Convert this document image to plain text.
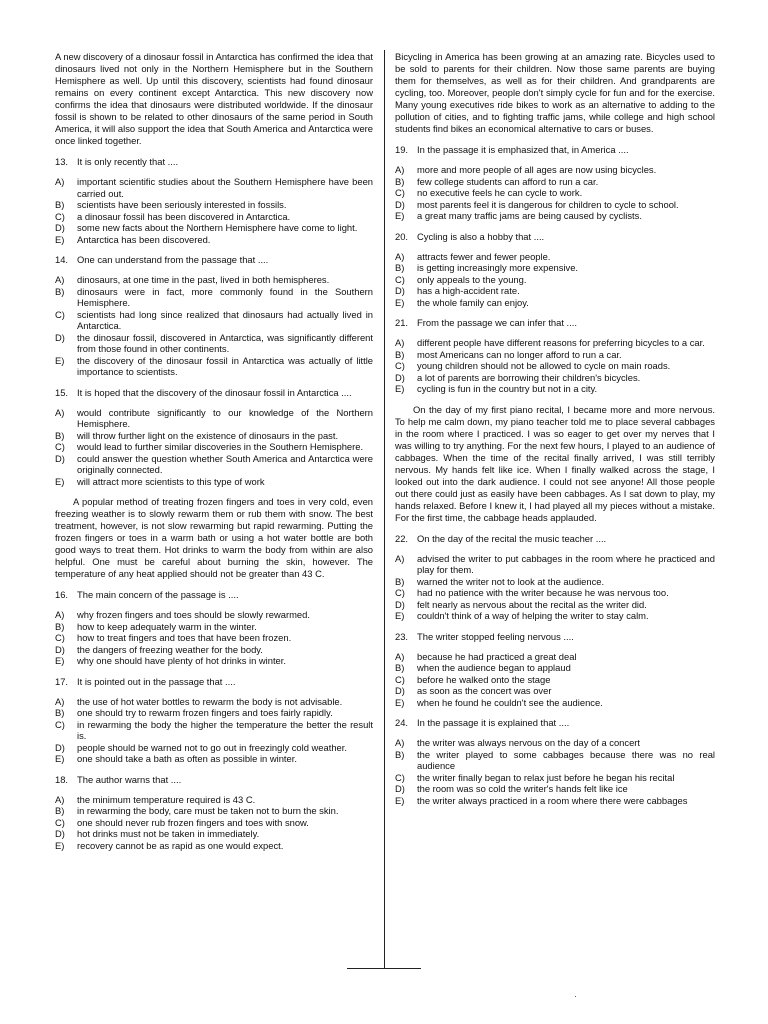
A new discovery of a dinosaur fossil in Antarctica has confirmed the idea that dinosaurs lived not only in the Northern Hemisphere but in the Southern Hemisphere as well. Up until this discovery, scientists had found dinosaur remains on every continent except Antarctica. This new discovery now confirms the idea that dinosaurs were distributed worldwide. If the dinosaur fossil is shown to be related to other dinosaurs of the same period in South America, it will also support the idea that South America and Antarctica were once linked together.

13. It is only recently that ....
A)	important scientific studies about the Southern Hemisphere have been carried out.
B)	scientists have been seriously interested in fossils.
C)	a dinosaur fossil has been discovered in Antarctica.
D)	some new facts about the Northern Hemisphere have come to light.
E)	Antarctica has been discovered.
14. One can understand from the passage that ....
A)	dinosaurs, at one time in the past, lived in both hemispheres.
B)	dinosaurs were in fact, more commonly found in the Southern Hemisphere.
C)	scientists had long since realized that dinosaurs had actually lived in Antarctica.
D)	the dinosaur fossil, discovered in Antarctica, was significantly different from those found in other continents.
E)	the discovery of the dinosaur fossil in Antarctica was actually of little importance to scientists.
15. It is hoped that the discovery of the dinosaur fossil in Antarctica ....
A)	would contribute significantly to our knowledge of the Northern Hemisphere.
B)	will throw further light on the existence of dinosaurs in the past.
C)	would lead to further similar discoveries in the Southern Hemisphere.
D)	could answer the question whether South America and Antarctica were originally connected.
E)	will attract more scientists to this type of work

A popular method of treating frozen fingers and toes in very cold, even freezing weather is to slowly rewarm them or rub them with snow. The best treatment, however, is not slow rewarming but rapid rewarming. Putting the frozen fingers or toes in a warm bath or using a hot water bottle are both good ways to treat them. Hot drinks to warm the body from within are also helpful. One must be careful about burning the skin, however. The temperature of any heat applied should not be greater than 43 C.

16. The main concern of the passage is ....
A)	why frozen fingers and toes should be slowly rewarmed.
B)	how to keep adequately warm in the winter.
C)	how to treat fingers and toes that have been frozen.
D)	the dangers of freezing weather for the body.
E)	why one should have plenty of hot drinks in winter.
17. It is pointed out in the passage that ....
A)	the use of hot water bottles to rewarm the body is not advisable.
B)	one should try to rewarm frozen fingers and toes fairly rapidly.
C)	in rewarming the body the higher the temperature the better the result is.
D)	people should be warned not to go out in freezingly cold weather.
E)	one should take a bath as often as possible in winter.
18. The author warns that ....
A)	the minimum temperature required is 43 C.
B)	in rewarming the body, care must be taken not to burn the skin.
C)	one should never rub frozen fingers and toes with snow.
D)	hot drinks must not be taken in immediately.
E)	recovery cannot be as rapid as one would expect.

Bicycling in America has been growing at an amazing rate. Bicycles used to be sold to parents for their children. Now those same parents are buying them for themselves, as well as for their children. And grandparents are cycling, too. Moreover, people don't simply cycle for fun and for the exercise. Many young executives ride bikes to work as an alternative to adding to the pollution of cities, and to fighting traffic jams, while college and high school students find bikes an economical alternative to cars or buses.

19. In the passage it is emphasized that, in America ....
A)	more and more people of all ages are now using bicycles.
B)	few college students can afford to run a car.
C)	no executive feels he can cycle to work.
D)	most parents feel it is dangerous for children to cycle to school.
E)	a great many traffic jams are being caused by cyclists.
20. Cycling is also a hobby that ....
A)	attracts fewer and fewer people.
B)	is getting increasingly more expensive.
C)	only appeals to the young.
D)	has a high-accident rate.
E)	the whole family can enjoy.
21. From the passage we can infer that ....
A)	different people have different reasons for preferring bicycles to a car.
B)	most Americans can no longer afford to run a car.
C)	young children should not be allowed to cycle on main roads.
D)	a lot of parents are borrowing their children's bicycles.
E)	cycling is fun in the country but not in a city.

On the day of my first piano recital, I became more and more nervous. To help me calm down, my piano teacher told me to place several cabbages in the room where I practiced. I was so eager to get over my nerves that I was willing to try anything. For the next few hours, I played to an audience of cabbages. When the time of the recital finally arrived, I was still terribly nervous. My hands felt like ice. When I finally walked across the stage, I looked out into the dark audience. I could not see anyone! All those people out there could just as easily have been cabbages. As I sat down to play, my hands relaxed. Before I knew it, I had played all my pieces without a mistake. For the first time, the cabbage heads applauded.

22. On the day of the recital the music teacher ....
A)	advised the writer to put cabbages in the room where he practiced and play for them.
B)	warned the writer not to look at the audience.
C)	had no patience with the writer because he was nervous too.
D)	felt nearly as nervous about the recital as the writer did.
E)	couldn't think of a way of helping the writer to stay calm.
23. The writer stopped feeling nervous ....
A)	because he had practiced a great deal
B)	when the audience began to applaud
C)	before he walked onto the stage
D)	as soon as the concert was over
E)	when he found he couldn't see the audience.
24. In the passage it is explained that ....
A)	the writer was always nervous on the day of a concert
B)	the writer played to some cabbages because there was no real audience
C)	the writer finally began to relax just before he began his recital
D)	the room was so cold the writer's hands felt like ice
E)	the writer always practiced in a room where there were cabbages
